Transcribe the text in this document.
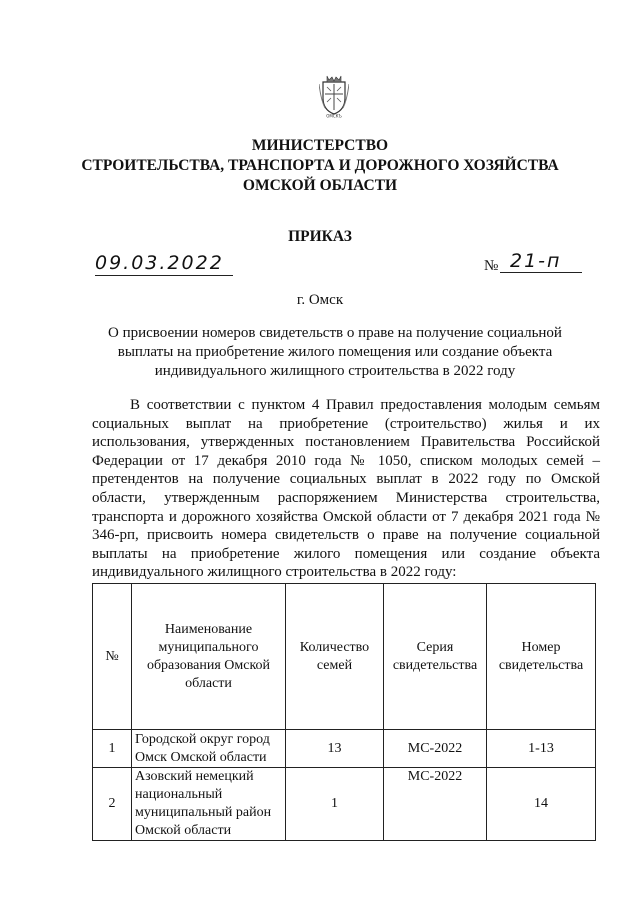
ОМСКЪ
МИНИСТЕРСТВО
СТРОИТЕЛЬСТВА, ТРАНСПОРТА И ДОРОЖНОГО ХОЗЯЙСТВА
ОМСКОЙ ОБЛАСТИ
ПРИКАЗ
09.03.2022	№ 21-п
г. Омск
О присвоении номеров свидетельств о праве на получение социальной выплаты на приобретение жилого помещения или создание объекта индивидуального жилищного строительства в 2022 году
В соответствии с пунктом 4 Правил предоставления молодым семьям социальных выплат на приобретение (строительство) жилья и их использования, утвержденных постановлением Правительства Российской Федерации от 17 декабря 2010 года № 1050, списком молодых семей – претендентов на получение социальных выплат в 2022 году по Омской области, утвержденным распоряжением Министерства строительства, транспорта и дорожного хозяйства Омской области от 7 декабря 2021 года № 346-рп, присвоить номера свидетельств о праве на получение социальной выплаты на приобретение жилого помещения или создание объекта индивидуального жилищного строительства в 2022 году:
№	Наименование муниципального образования Омской области	Количество семей	Серия свидетельства	Номер свидетельства
1	Городской округ город Омск Омской области	13	МС-2022	1-13
2	Азовский немецкий национальный муниципальный район Омской области	1	МС-2022	14
